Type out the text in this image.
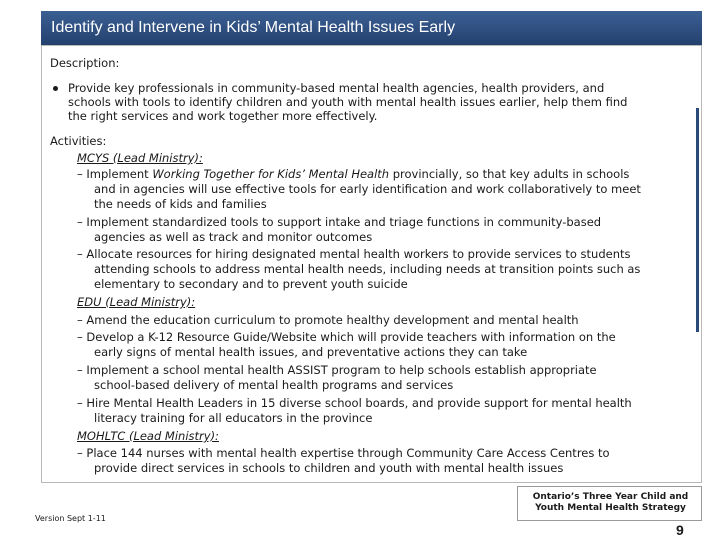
Identify and Intervene in Kids’ Mental Health Issues Early
Description:
Provide key professionals in community-based mental health agencies, health providers, and
schools with tools to identify children and youth with mental health issues earlier, help them find
the right services and work together more effectively.
Activities:
MCYS (Lead Ministry):
– Implement Working Together for Kids’ Mental Health provincially, so that key adults in schools
and in agencies will use effective tools for early identification and work collaboratively to meet
the needs of kids and families
– Implement standardized tools to support intake and triage functions in community-based
agencies as well as track and monitor outcomes
– Allocate resources for hiring designated mental health workers to provide services to students
attending schools to address mental health needs, including needs at transition points such as
elementary to secondary and to prevent youth suicide
EDU (Lead Ministry):
– Amend the education curriculum to promote healthy development and mental health
– Develop a K-12 Resource Guide/Website which will provide teachers with information on the
early signs of mental health issues, and preventative actions they can take
– Implement a school mental health ASSIST program to help schools establish appropriate
school-based delivery of mental health programs and services
– Hire Mental Health Leaders in 15 diverse school boards, and provide support for mental health
literacy training for all educators in the province
MOHLTC (Lead Ministry):
– Place 144 nurses with mental health expertise through Community Care Access Centres to
provide direct services in schools to children and youth with mental health issues
Version Sept 1-11
Ontario’s Three Year Child and
Youth Mental Health Strategy
9
